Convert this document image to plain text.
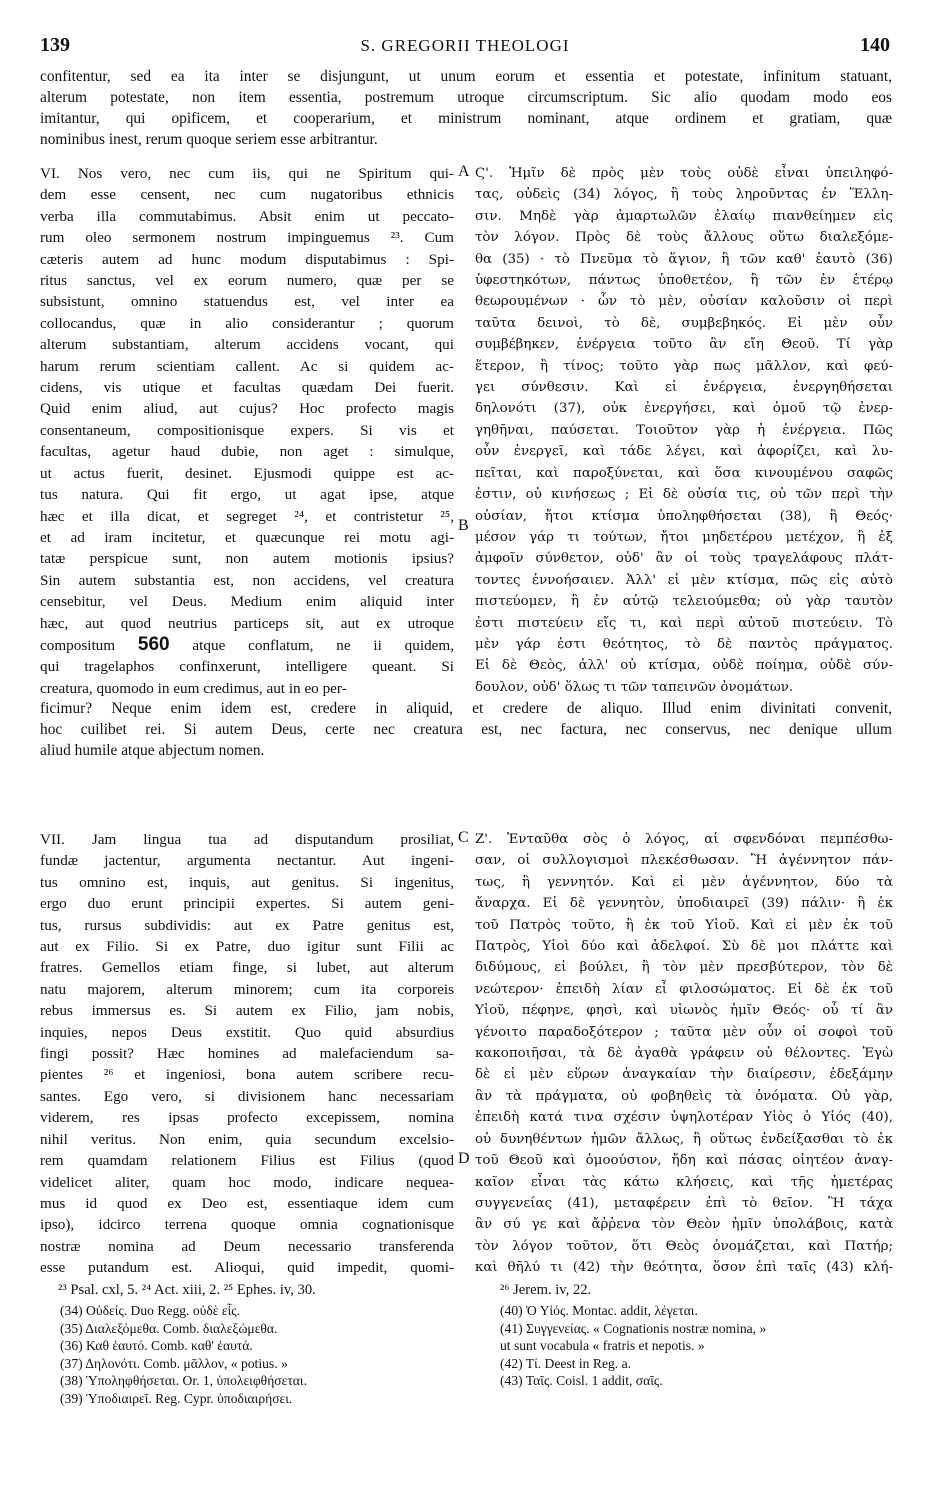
139	S. GREGORII THEOLOGI	140
confitentur, sed ea ita inter se disjungunt, ut unum eorum et essentia et potestate, infinitum statuant,
alterum potestate, non item essentia, postremum utroque circumscriptum. Sic alio quodam modo eos
imitantur, qui opificem, et cooperarium, et ministrum nominant, atque ordinem et gratiam, quæ
nominibus inest, rerum quoque seriem esse arbitrantur.
VI. Nos vero, nec cum iis, qui ne Spiritum qui-
dem esse censent, nec cum nugatoribus ethnicis
verba illa commutabimus. Absit enim ut peccato-
rum oleo sermonem nostrum impinguemus ²³. Cum
cæteris autem ad hunc modum disputabimus : Spi-
ritus sanctus, vel ex eorum numero, quæ per se
subsistunt, omnino statuendus est, vel inter ea
collocandus, quæ in alio considerantur ; quorum
alterum substantiam, alterum accidens vocant, qui
harum rerum scientiam callent. Ac si quidem ac-
cidens, vis utique et facultas quædam Dei fuerit.
Quid enim aliud, aut cujus? Hoc profecto magis
consentaneum, compositionisque expers. Si vis et
facultas, agetur haud dubie, non aget : simulque,
ut actus fuerit, desinet. Ejusmodi quippe est ac-
tus natura. Qui fit ergo, ut agat ipse, atque
hæc et illa dicat, et segreget ²⁴, et contristetur ²⁵,
et ad iram incitetur, et quæcunque rei motu agi-
tatæ perspicue sunt, non autem motionis ipsius?
Sin autem substantia est, non accidens, vel creatura
censebitur, vel Deus. Medium enim aliquid inter
hæc, aut quod neutrius particeps sit, aut ex utroque
compositum 560 atque conflatum, ne ii quidem,
qui tragelaphos confinxerunt, intelligere queant. Si
creatura, quomodo in eum credimus, aut in eo per-
Ϛ'. Ἡμῖν δὲ πρὸς μὲν τοὺς οὐδὲ εἶναι ὑπειληφό-
τας, οὐδεὶς (34) λόγος, ἢ τοὺς ληροῦντας ἐν Ἕλλη-
σιν. Μηδὲ γὰρ ἁμαρτωλῶν ἐλαίῳ πιανθείημεν εἰς
τὸν λόγον. Πρὸς δὲ τοὺς ἄλλους οὕτω διαλεξόμε-
θα (35) · τὸ Πνεῦμα τὸ ἅγιον, ἢ τῶν καθ' ἑαυτὸ (36)
ὑφεστηκότων, πάντως ὑποθετέον, ἢ τῶν ἐν ἑτέρῳ
θεωρουμένων · ὧν τὸ μὲν, οὐσίαν καλοῦσιν οἱ περὶ
ταῦτα δεινοὶ, τὸ δὲ, συμβεβηκός. Εἰ μὲν οὖν
συμβέβηκεν, ἐνέργεια τοῦτο ἂν εἴη Θεοῦ. Τί γὰρ
ἕτερον, ἢ τίνος; τοῦτο γὰρ πως μᾶλλον, καὶ φεύ-
γει σύνθεσιν. Καὶ εἰ ἐνέργεια, ἐνεργηθήσεται
δηλονότι (37), οὐκ ἐνεργήσει, καὶ ὁμοῦ τῷ ἐνερ-
γηθῆναι, παύσεται. Τοιοῦτον γὰρ ἡ ἐνέργεια. Πῶς
οὖν ἐνεργεῖ, καὶ τάδε λέγει, καὶ ἀφορίζει, καὶ λυ-
πεῖται, καὶ παροξύνεται, καὶ ὅσα κινουμένου σαφῶς
ἐστιν, οὐ κινήσεως ; Εἰ δὲ οὐσία τις, οὐ τῶν περὶ τὴν
οὐσίαν, ἤτοι κτίσμα ὑποληφθήσεται (38), ἢ Θεός·
μέσον γάρ τι τούτων, ἤτοι μηδετέρου μετέχον, ἢ ἐξ
ἀμφοῖν σύνθετον, οὐδ' ἂν οἱ τοὺς τραγελάφους πλάτ-
τοντες ἐννοήσαιεν. Ἀλλ' εἰ μὲν κτίσμα, πῶς εἰς αὐτὸ
πιστεύομεν, ἢ ἐν αὐτῷ τελειούμεθα; οὐ γὰρ ταυτὸν
ἐστι πιστεύειν εἴς τι, καὶ περὶ αὐτοῦ πιστεύειν. Τὸ
μὲν γάρ ἐστι θεότητος, τὸ δὲ παντὸς πράγματος.
Εἰ δὲ Θεὸς, ἀλλ' οὐ κτίσμα, οὐδὲ ποίημα, οὐδὲ σύν-
δουλον, οὐδ' ὅλως τι τῶν ταπεινῶν ὀνομάτων.
ficimur? Neque enim idem est, credere in aliquid, et credere de aliquo. Illud enim divinitati convenit,
hoc cuilibet rei. Si autem Deus, certe nec creatura est, nec factura, nec conservus, nec denique ullum
aliud humile atque abjectum nomen.
VII. Jam lingua tua ad disputandum prosiliat,
fundæ jactentur, argumenta nectantur. Aut ingeni-
tus omnino est, inquis, aut genitus. Si ingenitus,
ergo duo erunt principii expertes. Si autem geni-
tus, rursus subdividis: aut ex Patre genitus est,
aut ex Filio. Si ex Patre, duo igitur sunt Filii ac
fratres. Gemellos etiam finge, si lubet, aut alterum
natu majorem, alterum minorem; cum ita corporeis
rebus immersus es. Si autem ex Filio, jam nobis,
inquies, nepos Deus exstitit. Quo quid absurdius
fingi possit? Hæc homines ad malefaciendum sa-
pientes ²⁶ et ingeniosi, bona autem scribere recu-
santes. Ego vero, si divisionem hanc necessariam
viderem, res ipsas profecto excepissem, nomina
nihil veritus. Non enim, quia secundum excelsio-
rem quamdam relationem Filius est Filius (quod
videlicet aliter, quam hoc modo, indicare nequea-
mus id quod ex Deo est, essentiaque idem cum
ipso), idcirco terrena quoque omnia cognationisque
nostræ nomina ad Deum necessario transferenda
esse putandum est. Alioqui, quid impedit, quomi-
Ζ'. Ἐνταῦθα σὸς ὁ λόγος, αἱ σφενδόναι πεμπέσθω-
σαν, οἱ συλλογισμοὶ πλεκέσθωσαν. Ἢ ἀγέννητον πάν-
τως, ἢ γεννητόν. Καὶ εἰ μὲν ἀγέννητον, δύο τὰ
ἄναρχα. Εἰ δὲ γεννητὸν, ὑποδιαιρεῖ (39) πάλιν· ἢ ἐκ
τοῦ Πατρὸς τοῦτο, ἢ ἐκ τοῦ Υἱοῦ. Καὶ εἰ μὲν ἐκ τοῦ
Πατρὸς, Υἱοὶ δύο καὶ ἀδελφοί. Σὺ δὲ μοι πλάττε καὶ
διδύμους, εἰ βούλει, ἢ τὸν μὲν πρεσβύτερον, τὸν δὲ
νεώτερον· ἐπειδὴ λίαν εἶ φιλοσώματος. Εἰ δὲ ἐκ τοῦ
Υἱοῦ, πέφηνε, φησὶ, καὶ υἱωνὸς ἡμῖν Θεός· οὗ τί ἂν
γένοιτο παραδοξότερον ; ταῦτα μὲν οὖν οἱ σοφοὶ τοῦ
κακοποιῆσαι, τὰ δὲ ἀγαθὰ γράφειν οὐ θέλοντες. Ἐγὼ
δὲ εἰ μὲν εὕρων ἀναγκαίαν τὴν διαίρεσιν, ἐδεξάμην
ἂν τὰ πράγματα, οὐ φοβηθεὶς τὰ ὀνόματα. Οὐ γὰρ,
ἐπειδὴ κατά τινα σχέσιν ὑψηλοτέραν Υἱὸς ὁ Υἱός (40),
οὐ δυνηθέντων ἡμῶν ἄλλως, ἢ οὕτως ἐνδείξασθαι τὸ ἐκ
τοῦ Θεοῦ καὶ ὁμοούσιον, ἤδη καὶ πάσας οἰητέον ἀναγ-
καῖον εἶναι τὰς κάτω κλήσεις, καὶ τῆς ἡμετέρας
συγγενείας (41), μεταφέρειν ἐπὶ τὸ θεῖον. Ἢ τάχα
ἂν σύ γε καὶ ἄῤῥενα τὸν Θεὸν ἡμῖν ὑπολάβοις, κατὰ
τὸν λόγον τοῦτον, ὅτι Θεὸς ὀνομάζεται, καὶ Πατήρ;
καὶ θῆλύ τι (42) τὴν θεότητα, ὅσον ἐπὶ ταῖς (43) κλή-
A
B
C
D
²³ Psal. cxl, 5. ²⁴ Act. xiii, 2. ²⁵ Ephes. iv, 30.	²⁶ Jerem. iv, 22.
(34) Οὐδείς. Duo Regg. οὐδὲ εἷς.
(35) Διαλεξόμεθα. Comb. διαλεξώμεθα.
(36) Καθ ἑαυτό. Comb. καθ' ἑαυτά.
(37) Δηλονότι. Comb. μᾶλλον, « potius. »
(38) Ὑποληφθήσεται. Or. 1, ὑπολειφθήσεται.
(39) Ὑποδιαιρεῖ. Reg. Cypr. ὑποδιαιρήσει.
(40) Ὁ Υἱός. Montac. addit, λέγεται.
(41) Συγγενείας. « Cognationis nostræ nomina, »
ut sunt vocabula « fratris et nepotis. »
(42) Τί. Deest in Reg. a.
(43) Ταῖς. Coisl. 1 addit, σαῖς.
